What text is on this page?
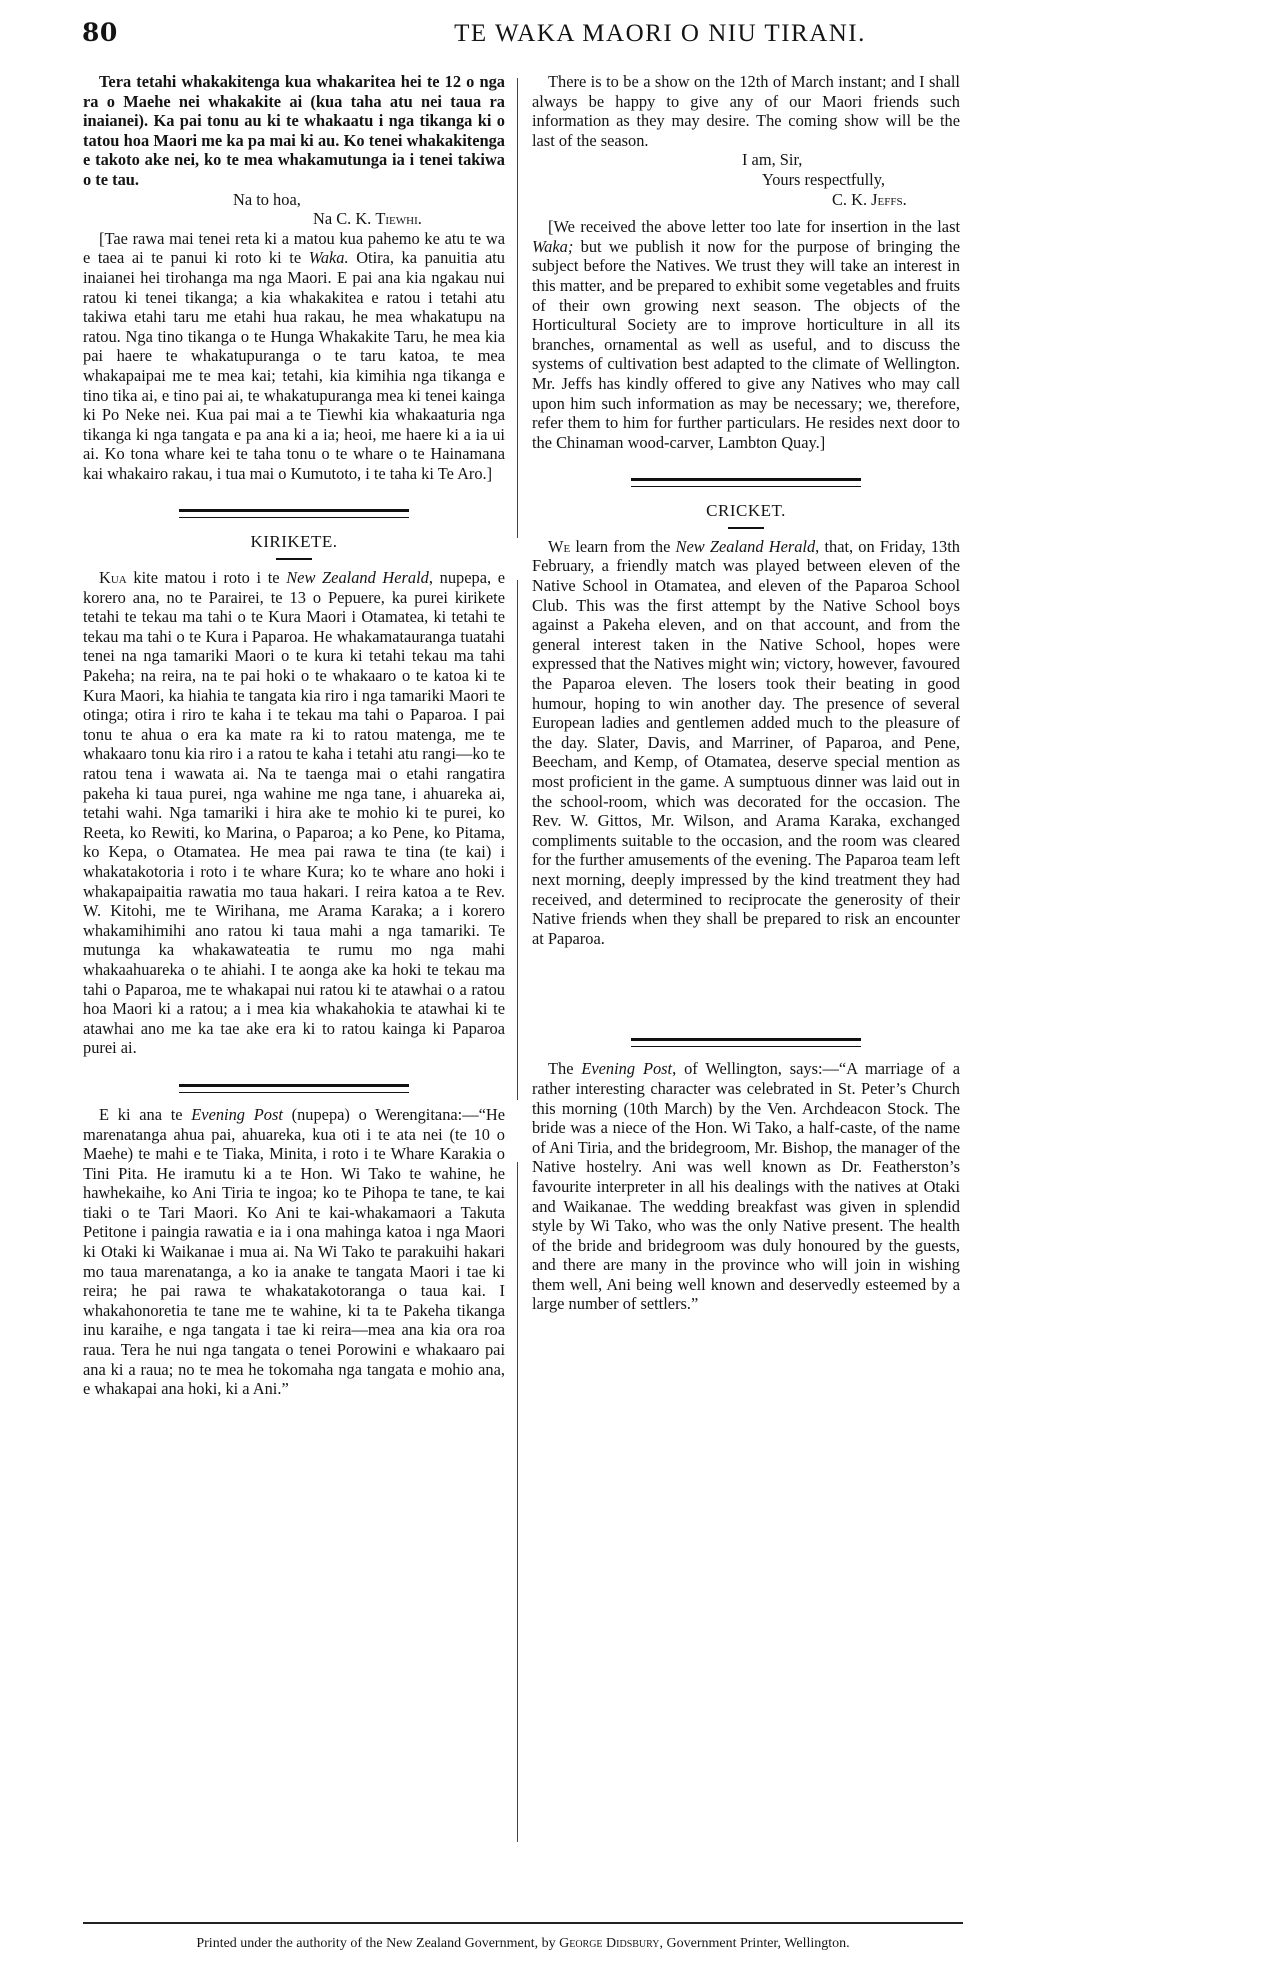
80	TE WAKA MAORI O NIU TIRANI.

Tera tetahi whakakitenga kua whakaritea hei te 12 o nga ra o Maehe nei whakakite ai (kua taha atu nei taua ra inaianei). Ka pai tonu au ki te whakaatu i nga tikanga ki o tatou hoa Maori me ka pa mai ki au. Ko tenei whakakitenga e takoto ake nei, ko te mea whakamutunga ia i tenei takiwa o te tau.

Na to hoa,

Na C. K. Tiewhi.

[Tae rawa mai tenei reta ki a matou kua pahemo ke atu te wa e taea ai te panui ki roto ki te Waka. Otira, ka panuitia atu inaianei hei tirohanga ma nga Maori. E pai ana kia ngakau nui ratou ki tenei tikanga; a kia whakakitea e ratou i tetahi atu takiwa etahi taru me etahi hua rakau, he mea whakatupu na ratou. Nga tino tikanga o te Hunga Whakakite Taru, he mea kia pai haere te whakatupuranga o te taru katoa, te mea whakapaipai me te mea kai; tetahi, kia kimihia nga tikanga e tino tika ai, e tino pai ai, te whakatupuranga mea ki tenei kainga ki Po Neke nei. Kua pai mai a te Tiewhi kia whakaaturia nga tikanga ki nga tangata e pa ana ki a ia; heoi, me haere ki a ia ui ai. Ko tona whare kei te taha tonu o te whare o te Hainamana kai whakairo rakau, i tua mai o Kumutoto, i te taha ki Te Aro.]

KIRIKETE.

Kua kite matou i roto i te New Zealand Herald, nupepa, e korero ana, no te Parairei, te 13 o Pepuere, ka purei kirikete tetahi te tekau ma tahi o te Kura Maori i Otamatea, ki tetahi te tekau ma tahi o te Kura i Paparoa. He whakamatauranga tuatahi tenei na nga tamariki Maori o te kura ki tetahi tekau ma tahi Pakeha; na reira, na te pai hoki o te whakaaro o te katoa ki te Kura Maori, ka hiahia te tangata kia riro i nga tamariki Maori te otinga; otira i riro te kaha i te tekau ma tahi o Paparoa. I pai tonu te ahua o era ka mate ra ki to ratou matenga, me te whakaaro tonu kia riro i a ratou te kaha i tetahi atu rangi—ko te ratou tena i wawata ai. Na te taenga mai o etahi rangatira pakeha ki taua purei, nga wahine me nga tane, i ahuareka ai, tetahi wahi. Nga tamariki i hira ake te mohio ki te purei, ko Reeta, ko Rewiti, ko Marina, o Paparoa; a ko Pene, ko Pitama, ko Kepa, o Otamatea. He mea pai rawa te tina (te kai) i whakatakotoria i roto i te whare Kura; ko te whare ano hoki i whakapaipaitia rawatia mo taua hakari. I reira katoa a te Rev. W. Kitohi, me te Wirihana, me Arama Karaka; a i korero whakamihimihi ano ratou ki taua mahi a nga tamariki. Te mutunga ka whakawateatia te rumu mo nga mahi whakaahuareka o te ahiahi. I te aonga ake ka hoki te tekau ma tahi o Paparoa, me te whakapai nui ratou ki te atawhai o a ratou hoa Maori ki a ratou; a i mea kia whakahokia te atawhai ki te atawhai ano me ka tae ake era ki to ratou kainga ki Paparoa purei ai.

E ki ana te Evening Post (nupepa) o Werengitana:—“He marenatanga ahua pai, ahuareka, kua oti i te ata nei (te 10 o Maehe) te mahi e te Tiaka, Minita, i roto i te Whare Karakia o Tini Pita. He iramutu ki a te Hon. Wi Tako te wahine, he hawhekaihe, ko Ani Tiria te ingoa; ko te Pihopa te tane, te kai tiaki o te Tari Maori. Ko Ani te kai-whakamaori a Takuta Petitone i paingia rawatia e ia i ona mahinga katoa i nga Maori ki Otaki ki Waikanae i mua ai. Na Wi Tako te parakuihi hakari mo taua marenatanga, a ko ia anake te tangata Maori i tae ki reira; he pai rawa te whakatakotoranga o taua kai. I whakahonoretia te tane me te wahine, ki ta te Pakeha tikanga inu karaihe, e nga tangata i tae ki reira—mea ana kia ora roa raua. Tera he nui nga tangata o tenei Porowini e whakaaro pai ana ki a raua; no te mea he tokomaha nga tangata e mohio ana, e whakapai ana hoki, ki a Ani.”

There is to be a show on the 12th of March instant; and I shall always be happy to give any of our Maori friends such information as they may desire. The coming show will be the last of the season.

I am, Sir,

Yours respectfully,

C. K. Jeffs.

[We received the above letter too late for insertion in the last Waka; but we publish it now for the purpose of bringing the subject before the Natives. We trust they will take an interest in this matter, and be prepared to exhibit some vegetables and fruits of their own growing next season. The objects of the Horticultural Society are to improve horticulture in all its branches, ornamental as well as useful, and to discuss the systems of cultivation best adapted to the climate of Wellington. Mr. Jeffs has kindly offered to give any Natives who may call upon him such information as may be necessary; we, therefore, refer them to him for further particulars. He resides next door to the Chinaman wood-carver, Lambton Quay.]

CRICKET.

We learn from the New Zealand Herald, that, on Friday, 13th February, a friendly match was played between eleven of the Native School in Otamatea, and eleven of the Paparoa School Club. This was the first attempt by the Native School boys against a Pakeha eleven, and on that account, and from the general interest taken in the Native School, hopes were expressed that the Natives might win; victory, however, favoured the Paparoa eleven. The losers took their beating in good humour, hoping to win another day. The presence of several European ladies and gentlemen added much to the pleasure of the day. Slater, Davis, and Marriner, of Paparoa, and Pene, Beecham, and Kemp, of Otamatea, deserve special mention as most proficient in the game. A sumptuous dinner was laid out in the school-room, which was decorated for the occasion. The Rev. W. Gittos, Mr. Wilson, and Arama Karaka, exchanged compliments suitable to the occasion, and the room was cleared for the further amusements of the evening. The Paparoa team left next morning, deeply impressed by the kind treatment they had received, and determined to reciprocate the generosity of their Native friends when they shall be prepared to risk an encounter at Paparoa.

The Evening Post, of Wellington, says:—“A marriage of a rather interesting character was celebrated in St. Peter’s Church this morning (10th March) by the Ven. Archdeacon Stock. The bride was a niece of the Hon. Wi Tako, a half-caste, of the name of Ani Tiria, and the bridegroom, Mr. Bishop, the manager of the Native hostelry. Ani was well known as Dr. Featherston’s favourite interpreter in all his dealings with the natives at Otaki and Waikanae. The wedding breakfast was given in splendid style by Wi Tako, who was the only Native present. The health of the bride and bridegroom was duly honoured by the guests, and there are many in the province who will join in wishing them well, Ani being well known and deservedly esteemed by a large number of settlers.”

Printed under the authority of the New Zealand Government, by George Didsbury, Government Printer, Wellington.
